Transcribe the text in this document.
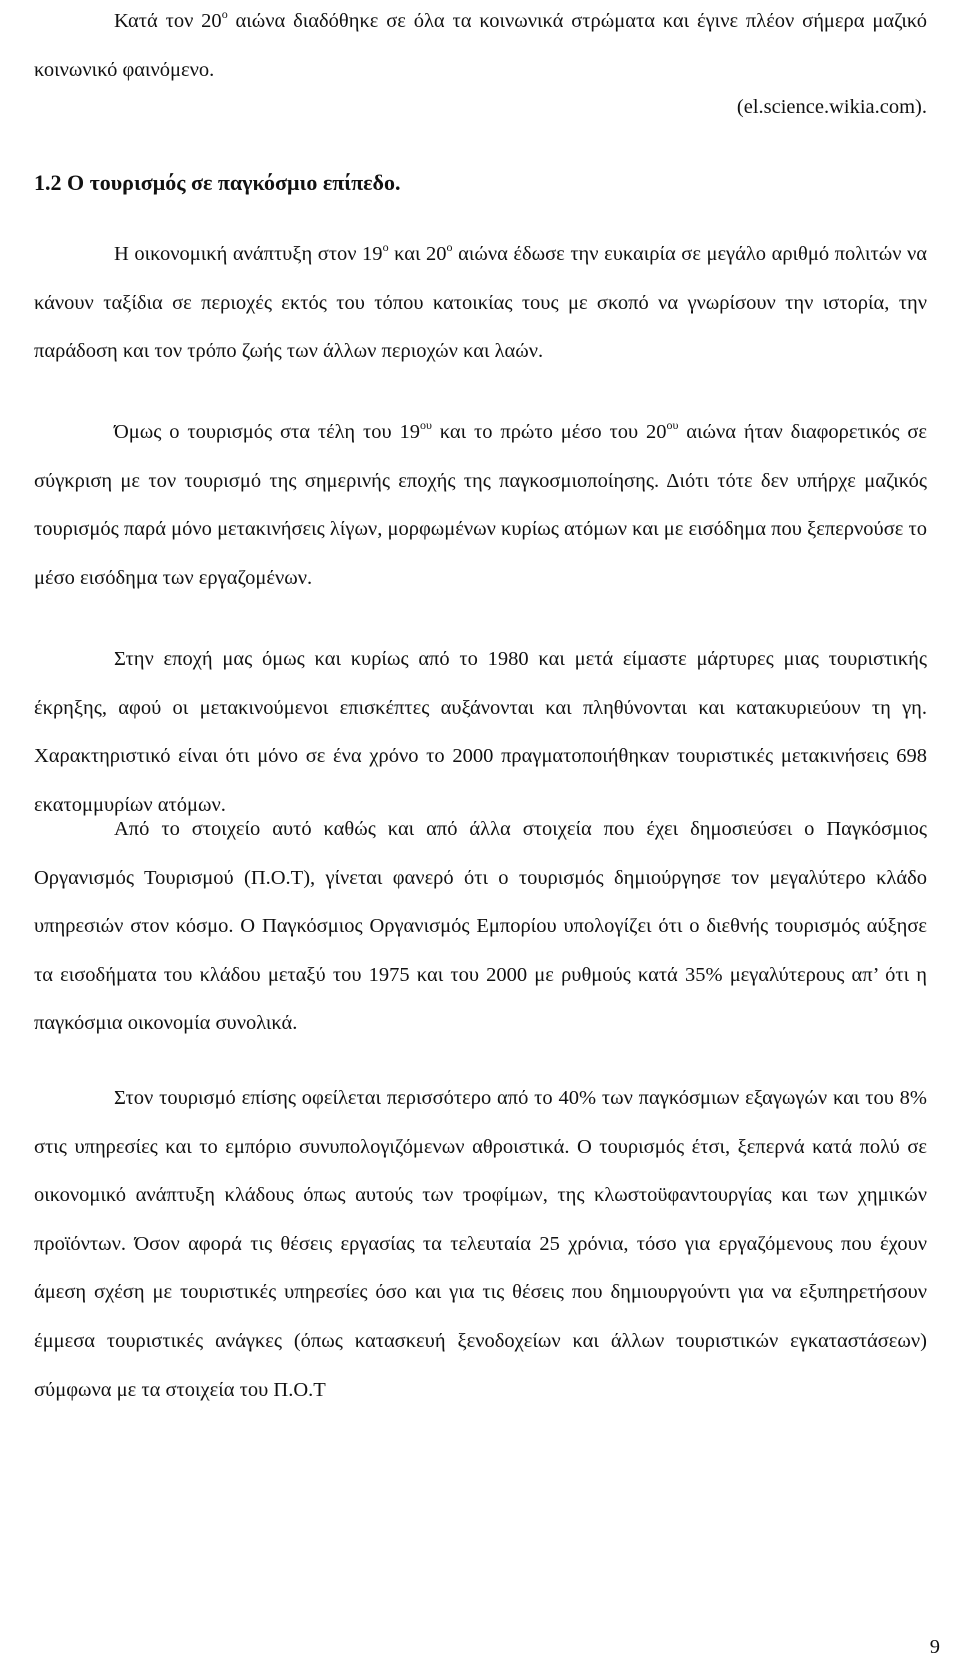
Κατά τον $20^o$ αιώνα διαδόθηκε σε όλα τα κοινωνικά στρώματα και έγινε πλέον σήμερα μαζικό κοινωνικό φαινόμενο.

(el.science.wikia.com).

1.2 Ο τουρισμός σε παγκόσμιο επίπεδο.

Η οικονομική ανάπτυξη στον $19^o$ και $20^o$ αιώνα έδωσε την ευκαιρία σε μεγάλο αριθμό πολιτών να κάνουν ταξίδια σε περιοχές εκτός του τόπου κατοικίας τους με σκοπό να γνωρίσουν την ιστορία, την παράδοση και τον τρόπο ζωής των άλλων περιοχών και λαών.

Όμως ο τουρισμός στα τέλη του $19^{o\upsilon}$ και το πρώτο μέσο του $20^{o\upsilon}$ αιώνα ήταν διαφορετικός σε σύγκριση με τον τουρισμό της σημερινής εποχής της παγκοσμιοποίησης. Διότι τότε δεν υπήρχε μαζικός τουρισμός παρά μόνο μετακινήσεις λίγων, μορφωμένων κυρίως ατόμων και με εισόδημα που ξεπερνούσε το μέσο εισόδημα των εργαζομένων.

Στην εποχή μας όμως και κυρίως από το 1980 και μετά είμαστε μάρτυρες μιας τουριστικής έκρηξης, αφού οι μετακινούμενοι επισκέπτες αυξάνονται και πληθύνονται και κατακυριεύουν τη γη. Χαρακτηριστικό είναι ότι μόνο σε ένα χρόνο το 2000 πραγματοποιήθηκαν τουριστικές μετακινήσεις 698 εκατομμυρίων ατόμων.

Από το στοιχείο αυτό καθώς και από άλλα στοιχεία που έχει δημοσιεύσει ο Παγκόσμιος Οργανισμός Τουρισμού (Π.Ο.Τ), γίνεται φανερό ότι ο τουρισμός δημιούργησε τον μεγαλύτερο κλάδο υπηρεσιών στον κόσμο. Ο Παγκόσμιος Οργανισμός Εμπορίου υπολογίζει ότι ο διεθνής τουρισμός αύξησε τα εισοδήματα του κλάδου μεταξύ του 1975 και του 2000 με ρυθμούς κατά 35% μεγαλύτερους απ’ ότι η παγκόσμια οικονομία συνολικά.

Στον τουρισμό επίσης οφείλεται περισσότερο από το 40% των παγκόσμιων εξαγωγών και του 8% στις υπηρεσίες και το εμπόριο συνυπολογιζόμενων αθροιστικά. Ο τουρισμός έτσι, ξεπερνά κατά πολύ σε οικονομικό ανάπτυξη κλάδους όπως αυτούς των τροφίμων, της κλωστοϋφαντουργίας και των χημικών προϊόντων. Όσον αφορά τις θέσεις εργασίας τα τελευταία 25 χρόνια, τόσο για εργαζόμενους που έχουν άμεση σχέση με τουριστικές υπηρεσίες όσο και για τις θέσεις που δημιουργούντι για να εξυπηρετήσουν έμμεσα τουριστικές ανάγκες (όπως κατασκευή ξενοδοχείων και άλλων τουριστικών εγκαταστάσεων) σύμφωνα με τα στοιχεία του Π.Ο.Τ

9
